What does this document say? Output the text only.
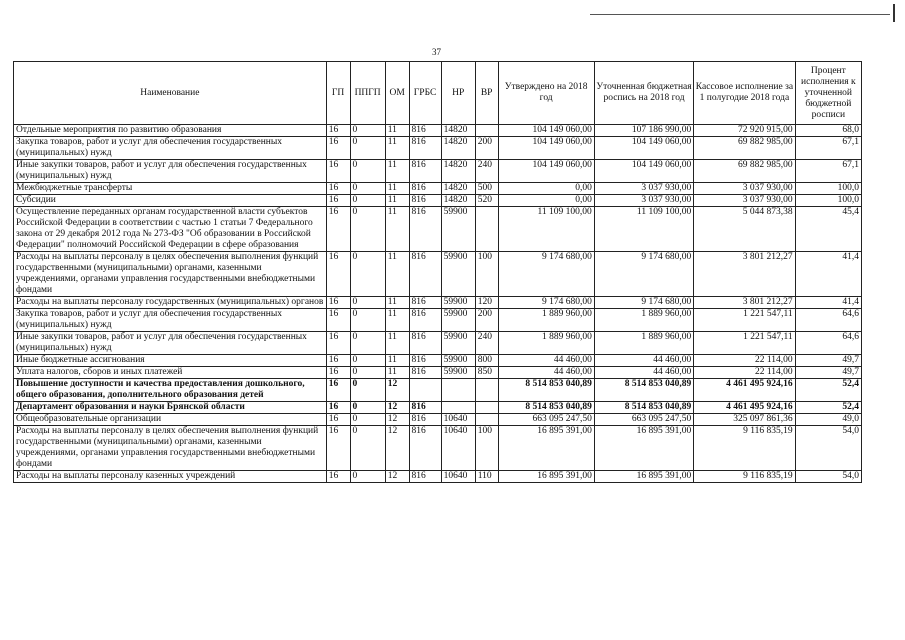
37
Наименование	ГП	ППГП	ОМ	ГРБС	НР	ВР	Утверждено на 2018 год	Уточненная бюджетная роспись на 2018 год	Кассовое исполнение за 1 полугодие 2018 года	Процент исполнения к уточненной бюджетной росписи
Отдельные мероприятия по развитию образования	16	0	11	816	14820		104 149 060,00	107 186 990,00	72 920 915,00	68,0
Закупка товаров, работ и услуг для обеспечения государственных (муниципальных) нужд	16	0	11	816	14820	200	104 149 060,00	104 149 060,00	69 882 985,00	67,1
Иные закупки товаров, работ и услуг для обеспечения государственных (муниципальных) нужд	16	0	11	816	14820	240	104 149 060,00	104 149 060,00	69 882 985,00	67,1
Межбюджетные трансферты	16	0	11	816	14820	500	0,00	3 037 930,00	3 037 930,00	100,0
Субсидии	16	0	11	816	14820	520	0,00	3 037 930,00	3 037 930,00	100,0
Осуществление переданных органам государственной власти субъектов Российской Федерации в соответствии с частью 1 статьи 7 Федерального закона от 29 декабря 2012 года № 273-ФЗ "Об образовании в Российской Федерации" полномочий Российской Федерации в сфере образования	16	0	11	816	59900		11 109 100,00	11 109 100,00	5 044 873,38	45,4
Расходы на выплаты персоналу в целях обеспечения выполнения функций государственными (муниципальными) органами, казенными учреждениями, органами управления государственными внебюджетными фондами	16	0	11	816	59900	100	9 174 680,00	9 174 680,00	3 801 212,27	41,4
Расходы на выплаты персоналу государственных (муниципальных) органов	16	0	11	816	59900	120	9 174 680,00	9 174 680,00	3 801 212,27	41,4
Закупка товаров, работ и услуг для обеспечения государственных (муниципальных) нужд	16	0	11	816	59900	200	1 889 960,00	1 889 960,00	1 221 547,11	64,6
Иные закупки товаров, работ и услуг для обеспечения государственных (муниципальных) нужд	16	0	11	816	59900	240	1 889 960,00	1 889 960,00	1 221 547,11	64,6
Иные бюджетные ассигнования	16	0	11	816	59900	800	44 460,00	44 460,00	22 114,00	49,7
Уплата налогов, сборов и иных платежей	16	0	11	816	59900	850	44 460,00	44 460,00	22 114,00	49,7
Повышение доступности и качества предоставления дошкольного, общего образования, дополнительного образования детей	16	0	12				8 514 853 040,89	8 514 853 040,89	4 461 495 924,16	52,4
Департамент образования и науки Брянской области	16	0	12	816			8 514 853 040,89	8 514 853 040,89	4 461 495 924,16	52,4
Общеобразовательные организации	16	0	12	816	10640		663 095 247,50	663 095 247,50	325 097 861,36	49,0
Расходы на выплаты персоналу в целях обеспечения выполнения функций государственными (муниципальными) органами, казенными учреждениями, органами управления государственными внебюджетными фондами	16	0	12	816	10640	100	16 895 391,00	16 895 391,00	9 116 835,19	54,0
Расходы на выплаты персоналу казенных учреждений	16	0	12	816	10640	110	16 895 391,00	16 895 391,00	9 116 835,19	54,0
